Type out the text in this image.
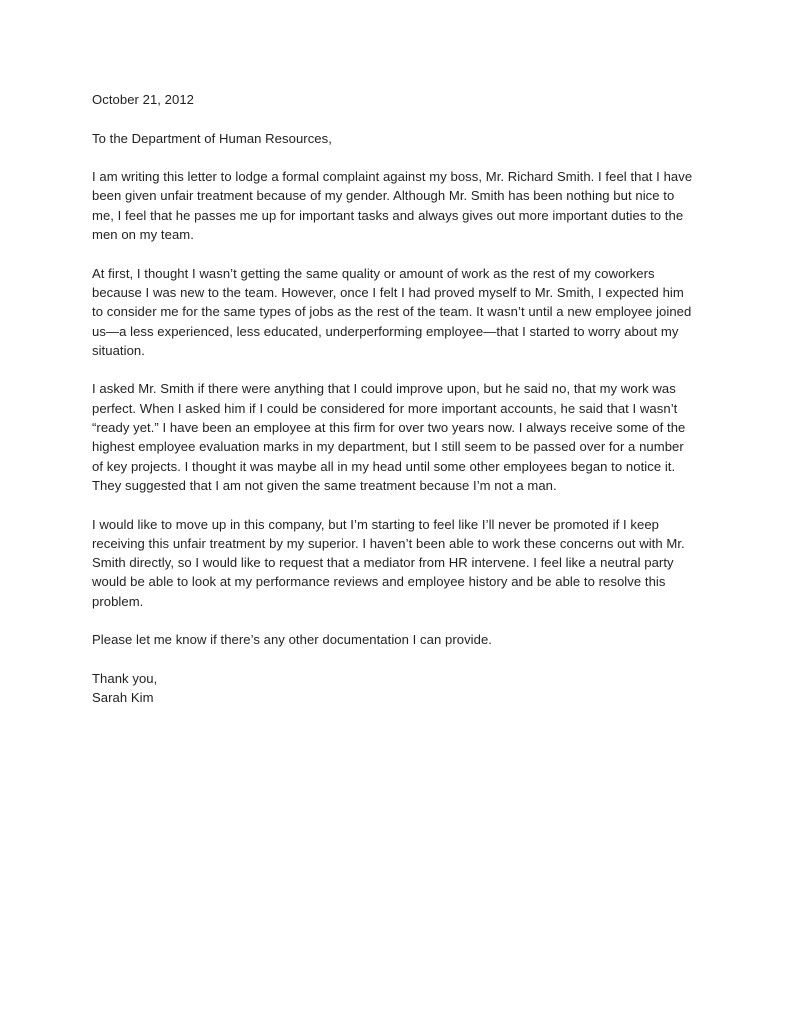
October 21, 2012
To the Department of Human Resources,
I am writing this letter to lodge a formal complaint against my boss, Mr. Richard Smith. I feel that I have been given unfair treatment because of my gender. Although Mr. Smith has been nothing but nice to me, I feel that he passes me up for important tasks and always gives out more important duties to the men on my team.
At first, I thought I wasn’t getting the same quality or amount of work as the rest of my coworkers because I was new to the team. However, once I felt I had proved myself to Mr. Smith, I expected him to consider me for the same types of jobs as the rest of the team. It wasn’t until a new employee joined us—a less experienced, less educated, underperforming employee—that I started to worry about my situation.
I asked Mr. Smith if there were anything that I could improve upon, but he said no, that my work was perfect. When I asked him if I could be considered for more important accounts, he said that I wasn’t “ready yet.” I have been an employee at this firm for over two years now. I always receive some of the highest employee evaluation marks in my department, but I still seem to be passed over for a number of key projects. I thought it was maybe all in my head until some other employees began to notice it. They suggested that I am not given the same treatment because I’m not a man.
I would like to move up in this company, but I’m starting to feel like I’ll never be promoted if I keep receiving this unfair treatment by my superior. I haven’t been able to work these concerns out with Mr. Smith directly, so I would like to request that a mediator from HR intervene. I feel like a neutral party would be able to look at my performance reviews and employee history and be able to resolve this problem.
Please let me know if there’s any other documentation I can provide.
Thank you,
Sarah Kim
